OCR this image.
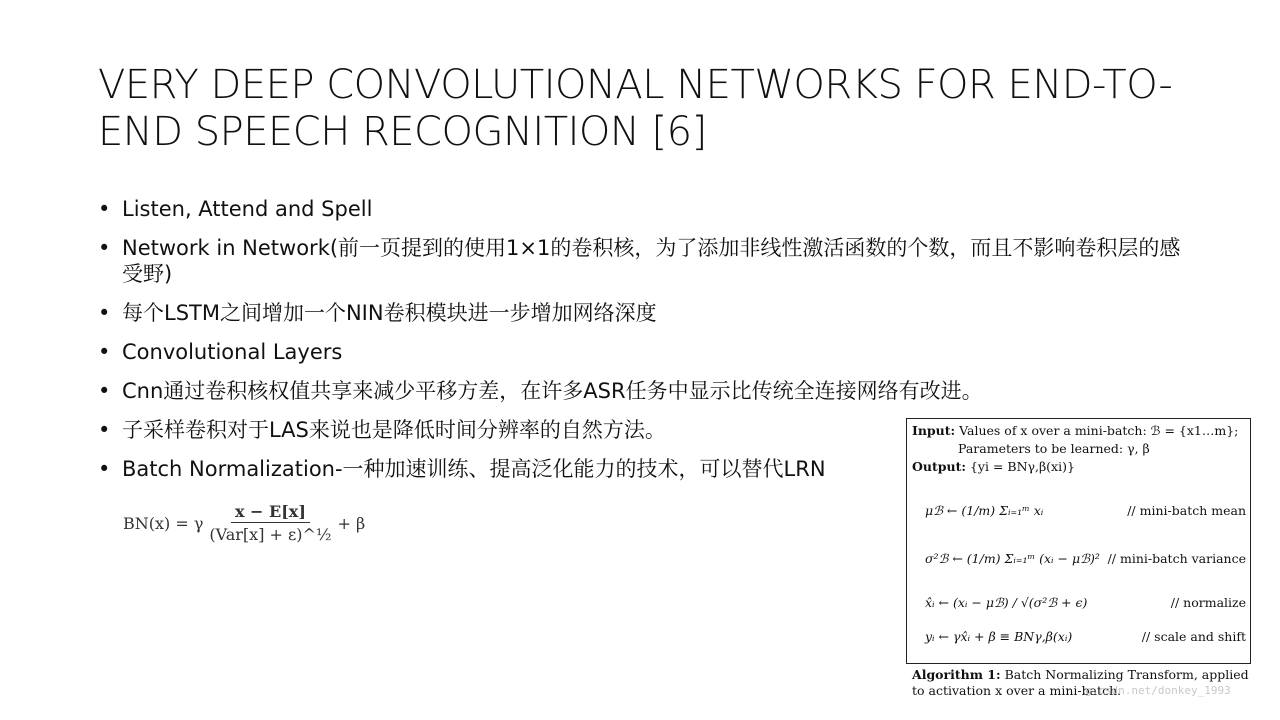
VERY DEEP CONVOLUTIONAL NETWORKS FOR END-TO-END SPEECH RECOGNITION [6]
• Listen, Attend and Spell
• Network in Network(前一页提到的使用1×1的卷积核，为了添加非线性激活函数的个数，而且不影响卷积层的感受野)
• 每个LSTM之间增加一个NIN卷积模块进一步增加网络深度
• Convolutional Layers
• Cnn通过卷积核权值共享来减少平移方差，在许多ASR任务中显示比传统全连接网络有改进。
• 子采样卷积对于LAS来说也是降低时间分辨率的自然方法。
• Batch Normalization-一种加速训练、提高泛化能力的技术，可以替代LRN
BN(x) = γ $\frac{x - E[x]}{\text{(Var[x] + ε)\textasciicircum{}½}} + \beta$
Input: Values of x over a mini-batch: ℬ = {x1…m};
Parameters to be learned: γ, β
Output: {yi = BNγ,β(xi)}
μℬ ← (1/m) Σᵢ₌₁ᵐ xᵢ	// mini-batch mean
σ²ℬ ← (1/m) Σᵢ₌₁ᵐ (xᵢ − μℬ)² // mini-batch variance
x̂ᵢ ← (xᵢ − μℬ) / √(σ²ℬ + ϵ)	// normalize
yᵢ ← γx̂ᵢ + β ≡ BNγ,β(xᵢ)	// scale and shift
Algorithm 1: Batch Normalizing Transform, applied to activation x over a mini-batch.
g.csdn.net/donkey_1993
